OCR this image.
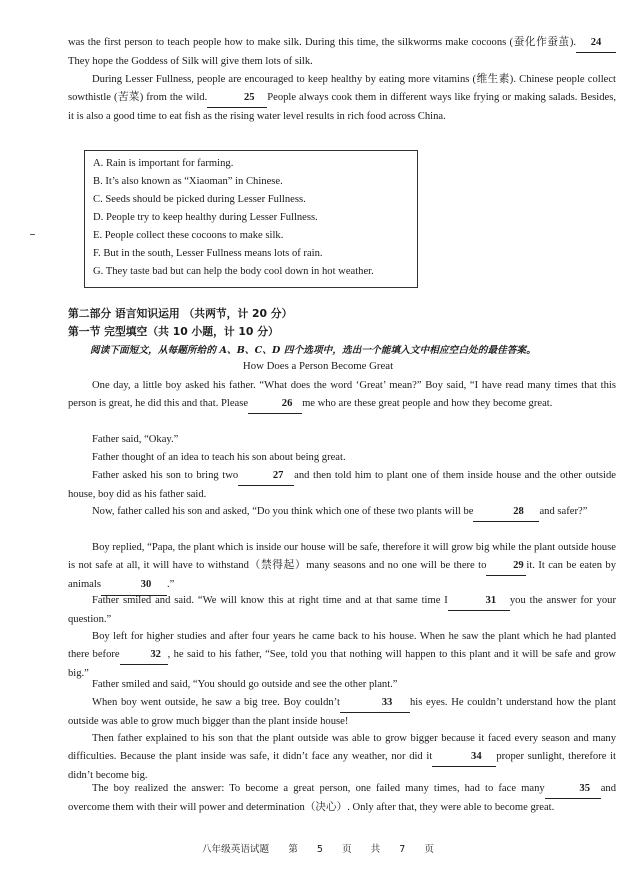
was the first person to teach people how to make silk. During this time, the silkworms make cocoons (蚕化作蚕茧). 24They hope the Goddess of Silk will give them lots of silk.

During Lesser Fullness, people are encouraged to keep healthy by eating more vitamins (维生素). Chinese people collect sowthistle (苦菜) from the wild.	25 People always cook them in different ways like frying or making salads. Besides, it is also a good time to eat fish as the rising water level results in rich food across China.

A. Rain is important for farming.
B. It’s also known as “Xiaoman” in Chinese.
C. Seeds should be picked during Lesser Fullness.
D. People try to keep healthy during Lesser Fullness.
E. People collect these cocoons to make silk.
F. But in the south, Lesser Fullness means lots of rain.
G. They taste bad but can help the body cool down in hot weather.
第二部分 语言知识运用 （共两节，计 20 分）
第一节 完型填空（共 10 小题，计 10 分）
阅读下面短文，从每题所给的 A、B、C、D 四个选项中，选出一个能填入文中相应空白处的最佳答案。
How Does a Person Become Great

One day, a little boy asked his father. “What does the word ‘Great’ mean?” Boy said, “I have read many times that this person is great, he did this and that. Please	26 me who are these great people and how they become great.

Father said, “Okay.”

Father thought of an idea to teach his son about being great.

Father asked his son to bring two	27 and then told him to plant one of them inside house and the other outside house, boy did as his father said.

Now, father called his son and asked, “Do you think which one of these two plants will be	28 and safer?”

Boy replied, “Papa, the plant which is inside our house will be safe, therefore it will grow big while the plant outside house is not safe at all, it will have to withstand（禁得起）many seasons and no one will be there to	29 it. It can be eaten by animals	30 .”

Father smiled and said. “We will know this at right time and at that same time I	31 you the answer for your question.”

Boy left for higher studies and after four years he came back to his house. When he saw the plant which he had planted there before	32 , he said to his father, “See, told you that nothing will happen to this plant and it will be safe and grow big.”

Father smiled and said, “You should go outside and see the other plant.”

When boy went outside, he saw a big tree. Boy couldn’t	33 his eyes. He couldn’t understand how the plant outside was able to grow much bigger than the plant inside house!

Then father explained to his son that the plant outside was able to grow bigger because it faced every season and many difficulties. Because the plant inside was safe, it didn’t face any weather, nor did it	34 proper sunlight, therefore it didn’t become big.

The boy realized the answer: To become a great person, one failed many times, had to face many	35 and overcome them with their will power and determination（决心）. Only after that, they were able to become great.

八年级英语试题 第 5 页 共 7 页
